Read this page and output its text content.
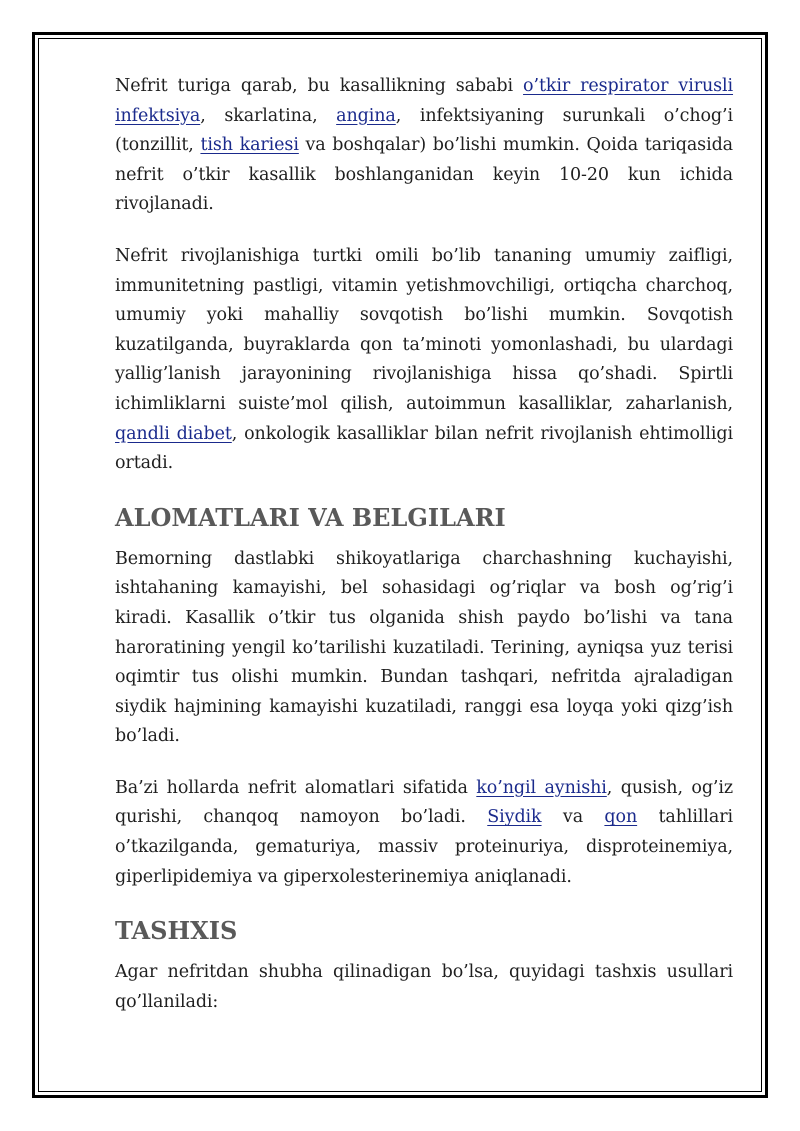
Nefrit turiga qarab, bu kasallikning sababi o’tkir respirator virusli infektsiya, skarlatina, angina, infektsiyaning surunkali o’chog’i (tonzillit, tish kariesi va boshqalar) bo’lishi mumkin. Qoida tariqasida nefrit o’tkir kasallik boshlanganidan keyin 10-20 kun ichida rivojlanadi.

Nefrit rivojlanishiga turtki omili bo’lib tananing umumiy zaifligi, immunitetning pastligi, vitamin yetishmovchiligi, ortiqcha charchoq, umumiy yoki mahalliy sovqotish bo’lishi mumkin. Sovqotish kuzatilganda, buyraklarda qon ta’minoti yomonlashadi, bu ulardagi yallig’lanish jarayonining rivojlanishiga hissa qo’shadi. Spirtli ichimliklarni suiste’mol qilish, autoimmun kasalliklar, zaharlanish, qandli diabet, onkologik kasalliklar bilan nefrit rivojlanish ehtimolligi ortadi.

ALOMATLARI VA BELGILARI

Bemorning dastlabki shikoyatlariga charchashning kuchayishi, ishtahaning kamayishi, bel sohasidagi og’riqlar va bosh og’rig’i kiradi. Kasallik o’tkir tus olganida shish paydo bo’lishi va tana haroratining yengil ko’tarilishi kuzatiladi. Terining, ayniqsa yuz terisi oqimtir tus olishi mumkin. Bundan tashqari, nefritda ajraladigan siydik hajmining kamayishi kuzatiladi, ranggi esa loyqa yoki qizg’ish bo’ladi.

Ba’zi hollarda nefrit alomatlari sifatida ko’ngil aynishi, qusish, og’iz qurishi, chanqoq namoyon bo’ladi. Siydik va qon tahlillari o’tkazilganda, gematuriya, massiv proteinuriya, disproteinemiya, giperlipidemiya va giperxolesterinemiya aniqlanadi.

TASHXIS

Agar nefritdan shubha qilinadigan bo’lsa, quyidagi tashxis usullari qo’llaniladi:
